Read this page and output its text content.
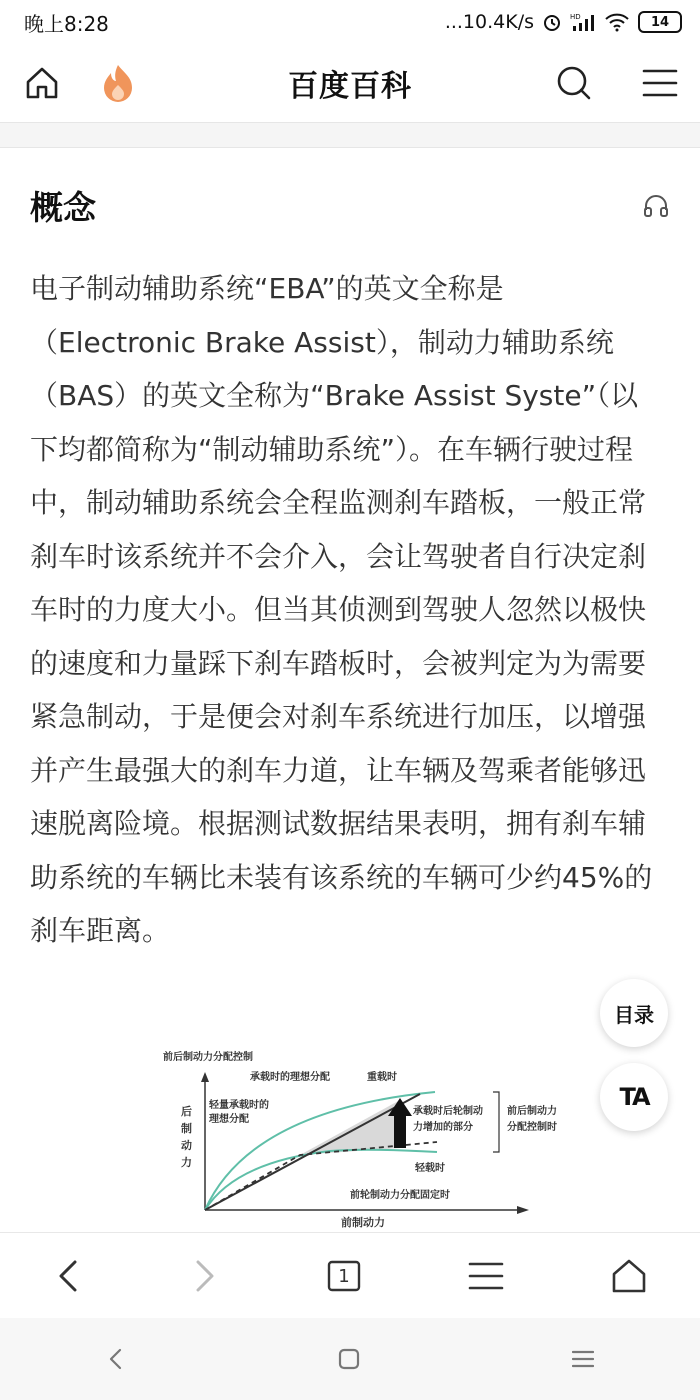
晚上8:28	...10.4K/s	HD	14
百度百科
概念

电子制动辅助系统“EBA”的英文全称是（Electronic Brake Assist），制动力辅助系统（BAS）的英文全称为“Brake Assist Syste”（以下均都简称为“制动辅助系统”）。在车辆行驶过程中，制动辅助系统会全程监测刹车踏板，一般正常刹车时该系统并不会介入，会让驾驶者自行决定刹车时的力度大小。但当其侦测到驾驶人忽然以极快的速度和力量踩下刹车踏板时，会被判定为为需要紧急制动，于是便会对刹车系统进行加压，以增强并产生最强大的刹车力道，让车辆及驾乘者能够迅速脱离险境。根据测试数据结果表明，拥有刹车辅助系统的车辆比未装有该系统的车辆可少约45%的刹车距离。

目录
TA
前后制动力分配控制
后
制
动
力
承载时的理想分配	重载时
轻量承载时的
理想分配
承载时后轮制动
力增加的部分
前后制动力
分配控制时
轻载时
前轮制动力分配固定时
前制动力
1
